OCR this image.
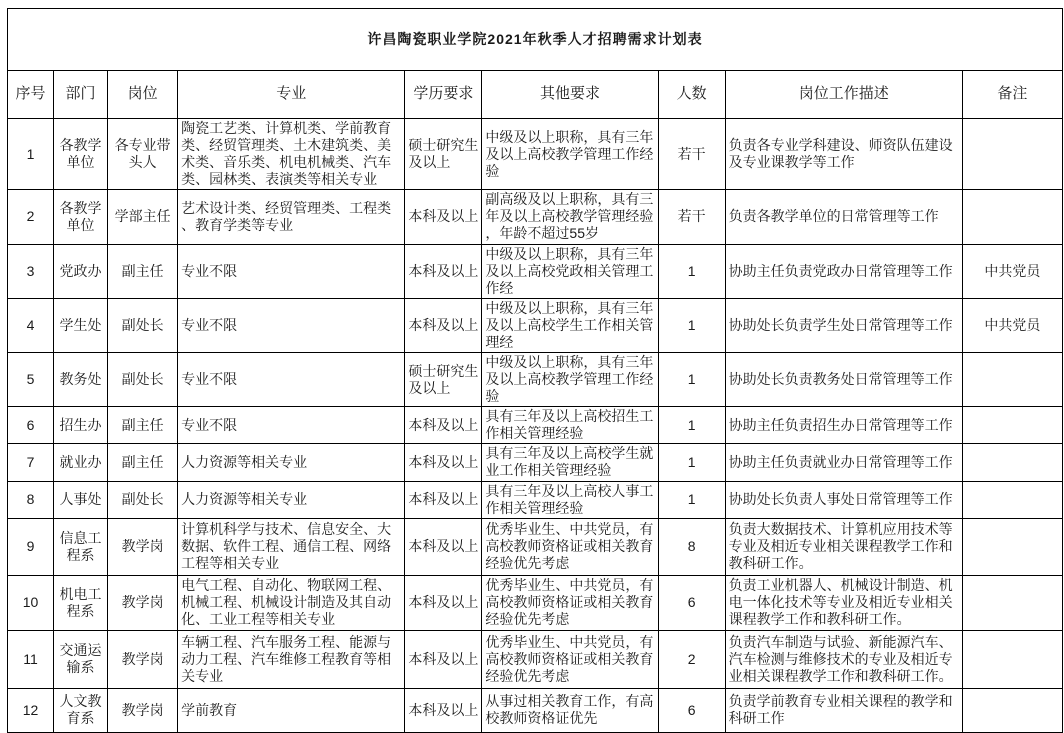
许昌陶瓷职业学院2021年秋季人才招聘需求计划表								
序号	部门	岗位	专业	学历要求	其他要求	人数	岗位工作描述	备注
1	各教学单位	各专业带头人	陶瓷工艺类、计算机类、学前教育类、经贸管理类、土木建筑类、美术类、音乐类、机电机械类、汽车类、园林类、表演类等相关专业	硕士研究生及以上	中级及以上职称，具有三年及以上高校教学管理工作经验	若干	负责各专业学科建设、师资队伍建设及专业课教学等工作	
2	各教学单位	学部主任	艺术设计类、经贸管理类、工程类、教育学类等专业	本科及以上	副高级及以上职称，具有三年及以上高校教学管理经验，年龄不超过55岁	若干	负责各教学单位的日常管理等工作	
3	党政办	副主任	专业不限	本科及以上	中级及以上职称，具有三年及以上高校党政相关管理工作经	1	协助主任负责党政办日常管理等工作	中共党员
4	学生处	副处长	专业不限	本科及以上	中级及以上职称，具有三年及以上高校学生工作相关管理经	1	协助处长负责学生处日常管理等工作	中共党员
5	教务处	副处长	专业不限	硕士研究生及以上	中级及以上职称，具有三年及以上高校教学管理工作经验	1	协助处长负责教务处日常管理等工作	
6	招生办	副主任	专业不限	本科及以上	具有三年及以上高校招生工作相关管理经验	1	协助主任负责招生办日常管理等工作	
7	就业办	副主任	人力资源等相关专业	本科及以上	具有三年及以上高校学生就业工作相关管理经验	1	协助主任负责就业办日常管理等工作	
8	人事处	副处长	人力资源等相关专业	本科及以上	具有三年及以上高校人事工作相关管理经验	1	协助处长负责人事处日常管理等工作	
9	信息工程系	教学岗	计算机科学与技术、信息安全、大数据、软件工程、通信工程、网络工程等相关专业	本科及以上	优秀毕业生、中共党员，有高校教师资格证或相关教育经验优先考虑	8	负责大数据技术、计算机应用技术等专业及相近专业相关课程教学工作和教科研工作。	
10	机电工程系	教学岗	电气工程、自动化、物联网工程、机械工程、机械设计制造及其自动化、工业工程等相关专业	本科及以上	优秀毕业生、中共党员，有高校教师资格证或相关教育经验优先考虑	6	负责工业机器人、机械设计制造、机电一体化技术等专业及相近专业相关课程教学工作和教科研工作。	
11	交通运输系	教学岗	车辆工程、汽车服务工程、能源与动力工程、汽车维修工程教育等相关专业	本科及以上	优秀毕业生、中共党员，有高校教师资格证或相关教育经验优先考虑	2	负责汽车制造与试验、新能源汽车、汽车检测与维修技术的专业及相近专业相关课程教学工作和教科研工作。	
12	人文教育系	教学岗	学前教育	本科及以上	从事过相关教育工作，有高校教师资格证优先	6	负责学前教育专业相关课程的教学和科研工作	
